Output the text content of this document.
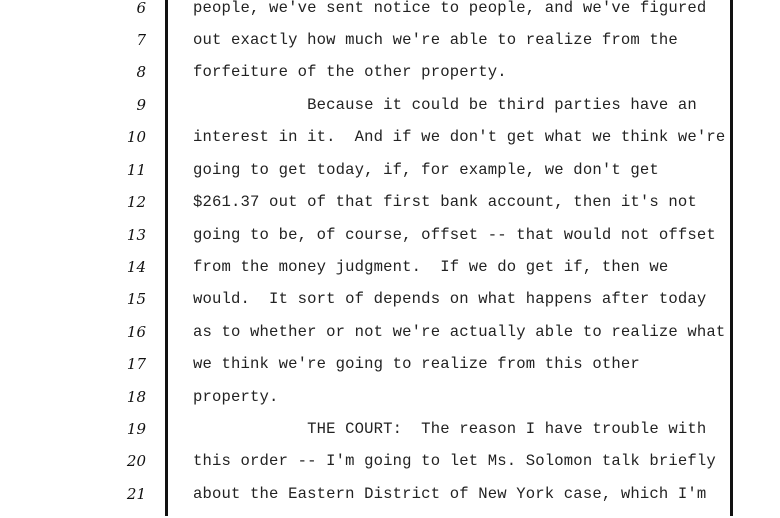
6	people, we've sent notice to people, and we've figured
7	out exactly how much we're able to realize from the
8	forfeiture of the other property.
9	Because it could be third parties have an
10	interest in it.  And if we don't get what we think we're
11	going to get today, if, for example, we don't get
12	$261.37 out of that first bank account, then it's not
13	going to be, of course, offset -- that would not offset
14	from the money judgment.  If we do get if, then we
15	would.  It sort of depends on what happens after today
16	as to whether or not we're actually able to realize what
17	we think we're going to realize from this other
18	property.
19	THE COURT:  The reason I have trouble with
20	this order -- I'm going to let Ms. Solomon talk briefly
21	about the Eastern District of New York case, which I'm
